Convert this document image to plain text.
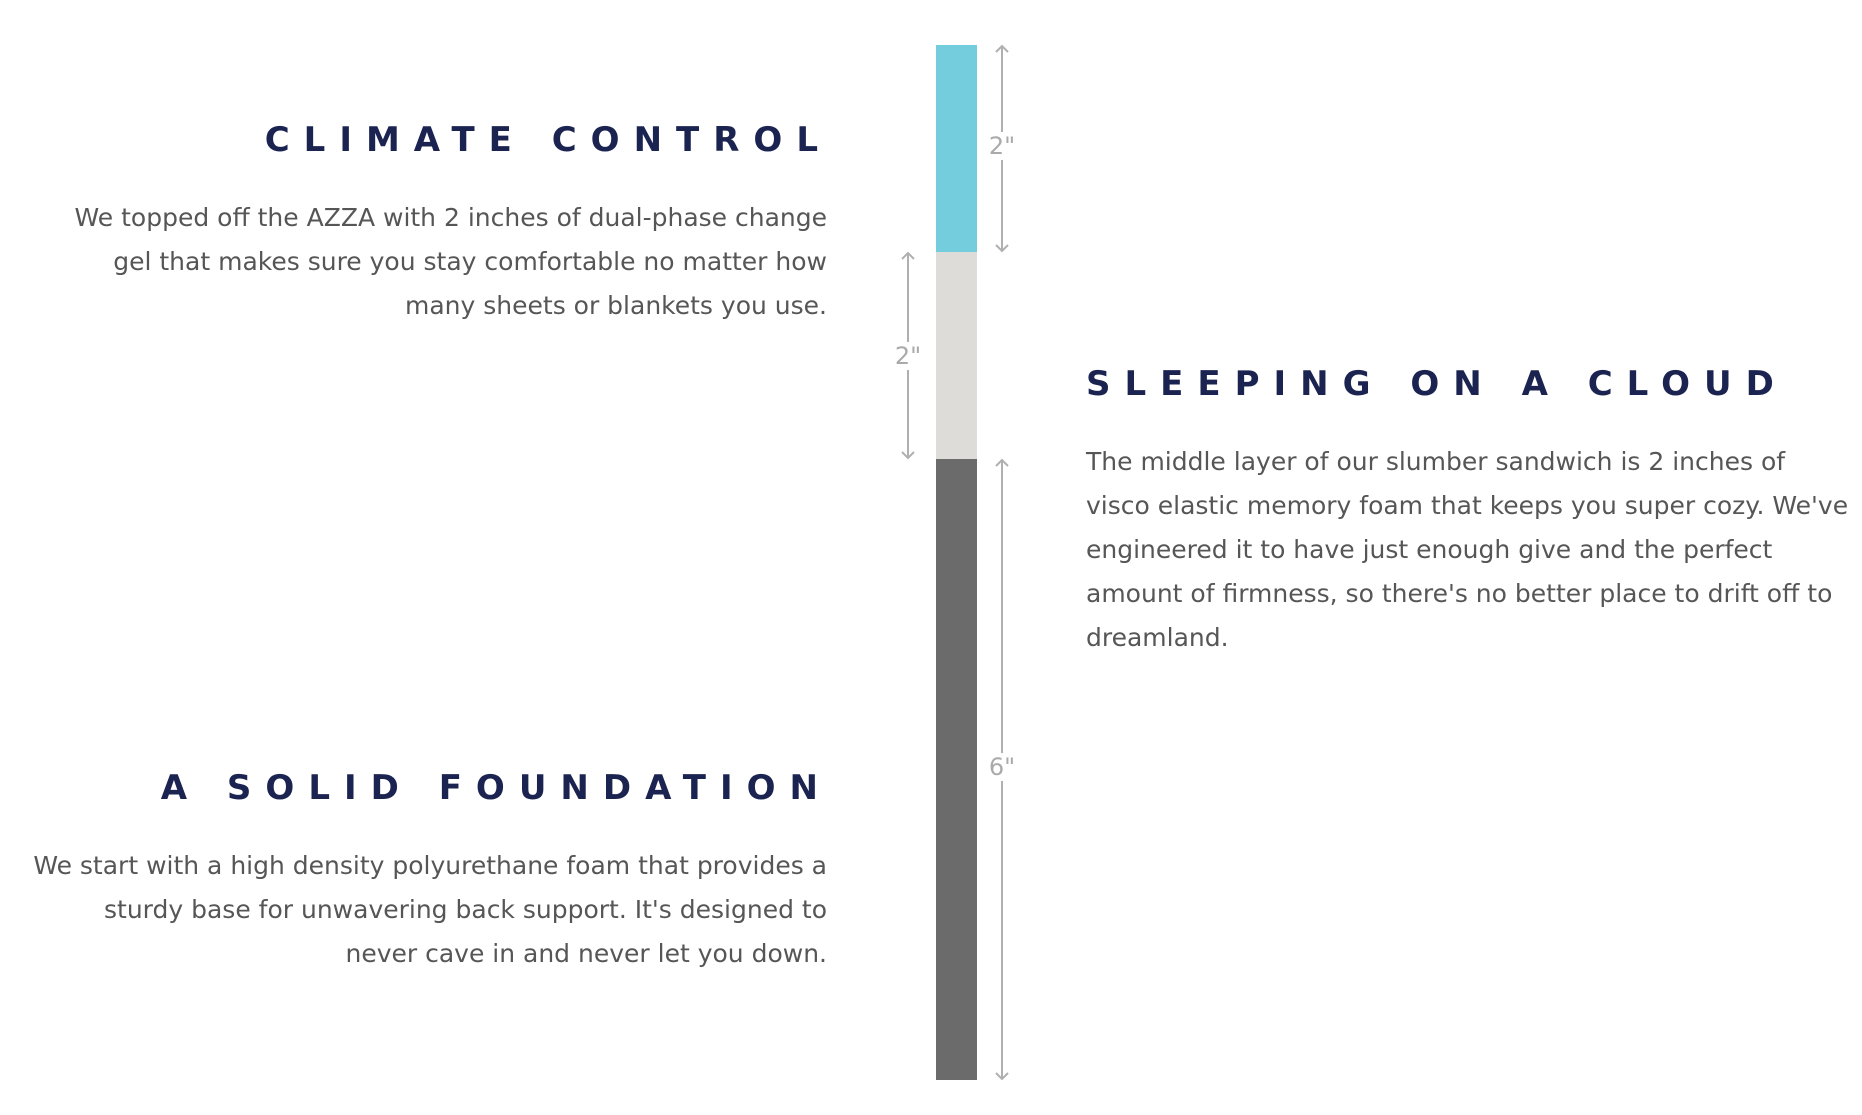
CLIMATE CONTROL

We topped off the AZZA with 2 inches of dual-phase change gel that makes sure you stay comfortable no matter how many sheets or blankets you use.

SLEEPING ON A CLOUD

The middle layer of our slumber sandwich is 2 inches of visco elastic memory foam that keeps you super cozy. We've engineered it to have just enough give and the perfect amount of firmness, so there's no better place to drift off to dreamland.

A SOLID FOUNDATION

We start with a high density polyurethane foam that provides a sturdy base for unwavering back support. It's designed to never cave in and never let you down.

2"
2"
6"
